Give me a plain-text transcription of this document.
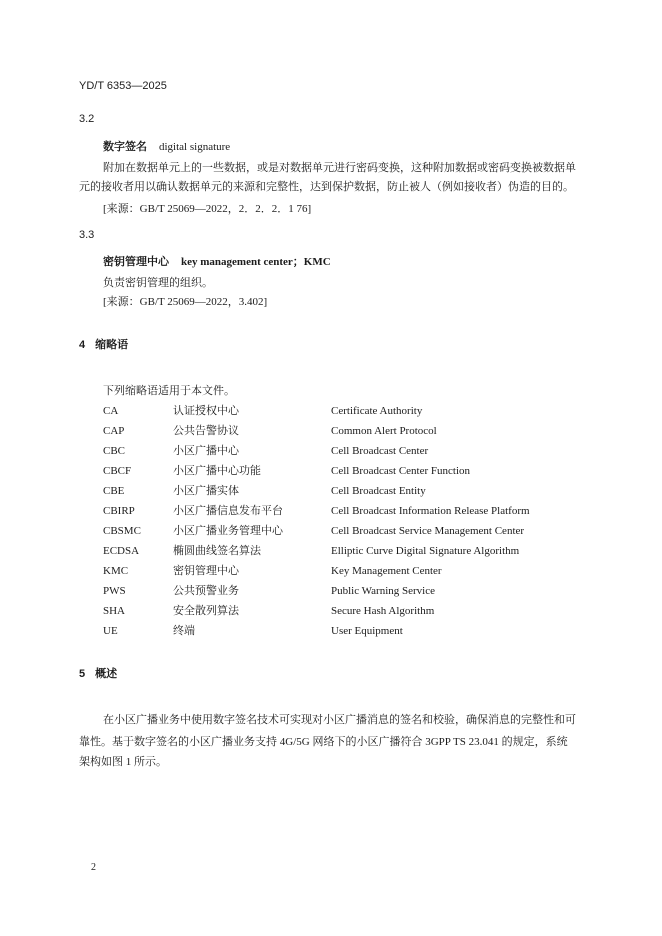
YD/T 6353—2025
3.2
数字签名 digital signature
附加在数据单元上的一些数据，或是对数据单元进行密码变换，这种附加数据或密码变换被数据单
元的接收者用以确认数据单元的来源和完整性，达到保护数据，防止被人（例如接收者）伪造的目的。
[来源：GB/T 25069—2022，2．2．2．1 76]
3.3
密钥管理中心 key management center；KMC
负责密钥管理的组织。
[来源：GB/T 25069—2022，3.402]
4 缩略语
下列缩略语适用于本文件。
CA	认证授权中心	Certificate Authority
CAP	公共告警协议	Common Alert Protocol
CBC	小区广播中心	Cell Broadcast Center
CBCF	小区广播中心功能	Cell Broadcast Center Function
CBE	小区广播实体	Cell Broadcast Entity
CBIRP	小区广播信息发布平台	Cell Broadcast Information Release Platform
CBSMC	小区广播业务管理中心	Cell Broadcast Service Management Center
ECDSA	椭圆曲线签名算法	Elliptic Curve Digital Signature Algorithm
KMC	密钥管理中心	Key Management Center
PWS	公共预警业务	Public Warning Service
SHA	安全散列算法	Secure Hash Algorithm
UE	终端	User Equipment
5 概述
在小区广播业务中使用数字签名技术可实现对小区广播消息的签名和校验，确保消息的完整性和可
靠性。基于数字签名的小区广播业务支持 4G/5G 网络下的小区广播符合 3GPP TS 23.041 的规定，系统
架构如图 1 所示。
2
